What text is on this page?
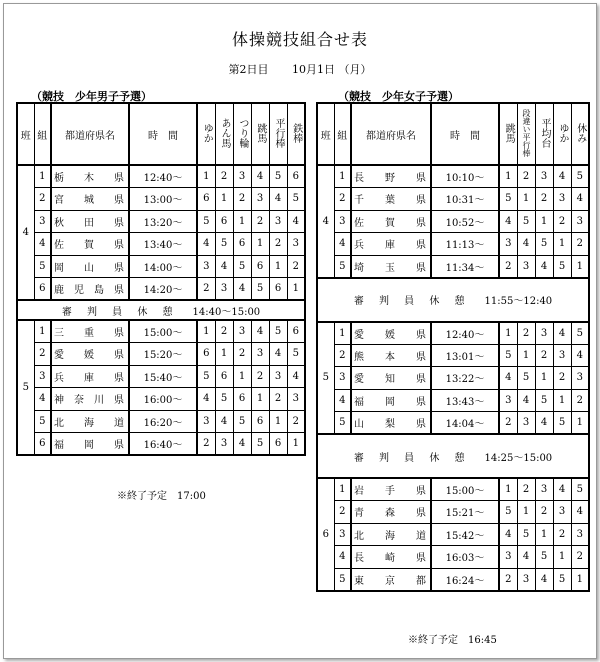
体操競技組合せ表
第2日目 10月1日 （月）
（競技　少年男子予選）	（競技　少年女子予選）
班	組	都道府県名	時　間	ゆか	あん馬	つり輪	跳馬	平行棒	鉄棒
4	1	栃 木 県	12:40～	1	2	3	4	5	6
	2	宮 城 県	13:00～	6	1	2	3	4	5
	3	秋 田 県	13:20～	5	6	1	2	3	4
	4	佐 賀 県	13:40～	4	5	6	1	2	3
	5	岡 山 県	14:00～	3	4	5	6	1	2
	6	鹿 児 島 県	14:20～	2	3	4	5	6	1
審 判 員 休 憩 14:40～15:00									
5	1	三 重 県	15:00～	1	2	3	4	5	6
	2	愛 媛 県	15:20～	6	1	2	3	4	5
	3	兵 庫 県	15:40～	5	6	1	2	3	4
	4	神 奈 川 県	16:00～	4	5	6	1	2	3
	5	北 海 道	16:20～	3	4	5	6	1	2
	6	福 岡 県	16:40～	2	3	4	5	6	1
※終了予定　17:00
班	組	都道府県名	時　間	跳馬	段違い平行棒	平均台	ゆか	休み
4	1	長 野 県	10:10～	1	2	3	4	5
	2	千 葉 県	10:31～	5	1	2	3	4
	3	佐 賀 県	10:52～	4	5	1	2	3
	4	兵 庫 県	11:13～	3	4	5	1	2
	5	埼 玉 県	11:34～	2	3	4	5	1
審 判 員 休 憩 11:55～12:40								
5	1	愛 媛 県	12:40～	1	2	3	4	5
	2	熊 本 県	13:01～	5	1	2	3	4
	3	愛 知 県	13:22～	4	5	1	2	3
	4	福 岡 県	13:43～	3	4	5	1	2
	5	山 梨 県	14:04～	2	3	4	5	1
審 判 員 休 憩 14:25～15:00								
6	1	岩 手 県	15:00～	1	2	3	4	5
	2	青 森 県	15:21～	5	1	2	3	4
	3	北 海 道	15:42～	4	5	1	2	3
	4	長 崎 県	16:03～	3	4	5	1	2
	5	東 京 都	16:24～	2	3	4	5	1
※終了予定　16:45
